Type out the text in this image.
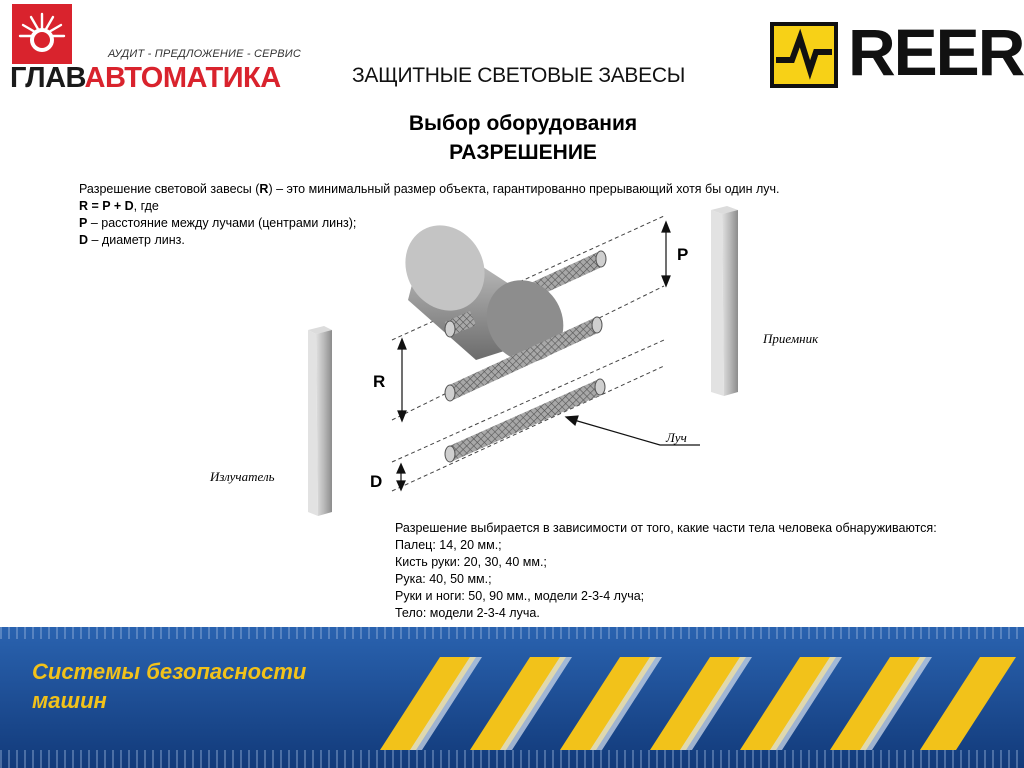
АУДИТ - ПРЕДЛОЖЕНИЕ - СЕРВИС
ГЛАВАВТОМАТИКА	REER
ЗАЩИТНЫЕ СВЕТОВЫЕ ЗАВЕСЫ
Выбор оборудования
РАЗРЕШЕНИЕ
Разрешение световой завесы (R) – это минимальный размер объекта, гарантированно прерывающий хотя бы один луч.
R = P + D, где
P – расстояние между лучами (центрами линз);
D – диаметр линз.
P
R
D
Луч
Приемник
Излучатель
Разрешение выбирается в зависимости от того, какие части тела человека обнаруживаются:
Палец: 14, 20 мм.;
Кисть руки: 20, 30, 40 мм.;
Рука: 40, 50 мм.;
Руки и ноги: 50, 90 мм., модели 2-3-4 луча;
Тело: модели 2-3-4 луча.
Системы безопасности
машин
